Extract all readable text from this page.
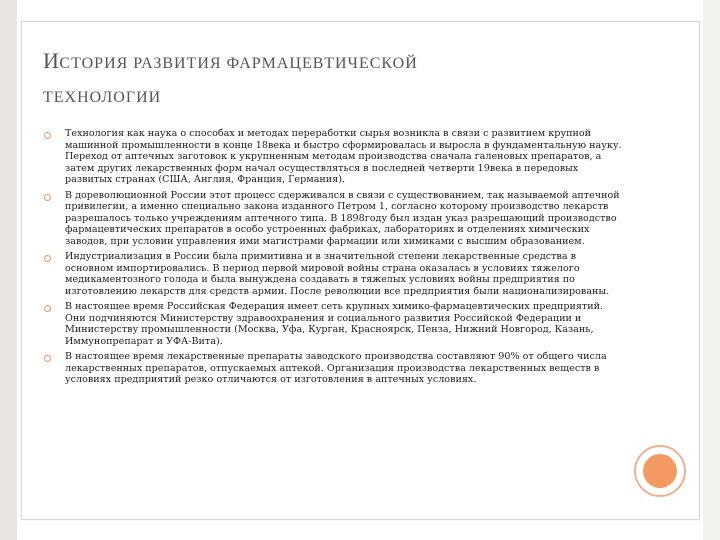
ИСТОРИЯ РАЗВИТИЯ ФАРМАЦЕВТИЧЕСКОЙ
ТЕХНОЛОГИИ
Технология как наука о способах и методах переработки сырья возникла в связи с развитием крупной машинной промышленности в конце 18века и быстро сформировалась и выросла в фундаментальную науку. Переход от аптечных заготовок к укрупненным методам производства сначала галеновых препаратов, а затем других лекарственных форм начал осуществляться в последней четверти 19века в передовых развитых странах (США, Англия, Франция, Германия).
В дореволюционной России этот процесс сдерживался в связи с существованием, так называемой аптечной привилегии, а именно специально закона изданного Петром 1, согласно которому производство лекарств разрешалось только учреждениям аптечного типа. В 1898году был издан указ разрешающий производство фармацевтических препаратов в особо устроенных фабриках, лабораториях и отделениях химических заводов, при условии управления ими магистрами фармации или химиками с высшим образованием.
Индустриализация в России была примитивна и в значительной степени лекарственные средства в основном импортировались. В период первой мировой войны страна оказалась в условиях тяжелого медикаментозного голода и была вынуждена создавать в тяжелых условиях войны предприятия по изготовлению лекарств для средств армии. После революции все предприятия были национализированы.
В настоящее время Российская Федерация имеет сеть крупных химико-фармацевтических предприятий. Они подчиняются Министерству здравоохранения и социального развития Российской Федерации и Министерству промышленности (Москва, Уфа, Курган, Красноярск, Пенза, Нижний Новгород, Казань, Иммунопрепарат и УФА-Вита).
В настоящее время лекарственные препараты заводского производства составляют 90% от общего числа лекарственных препаратов, отпускаемых аптекой. Организация производства лекарственных веществ в условиях предприятий резко отличаются от изготовления в аптечных условиях.
